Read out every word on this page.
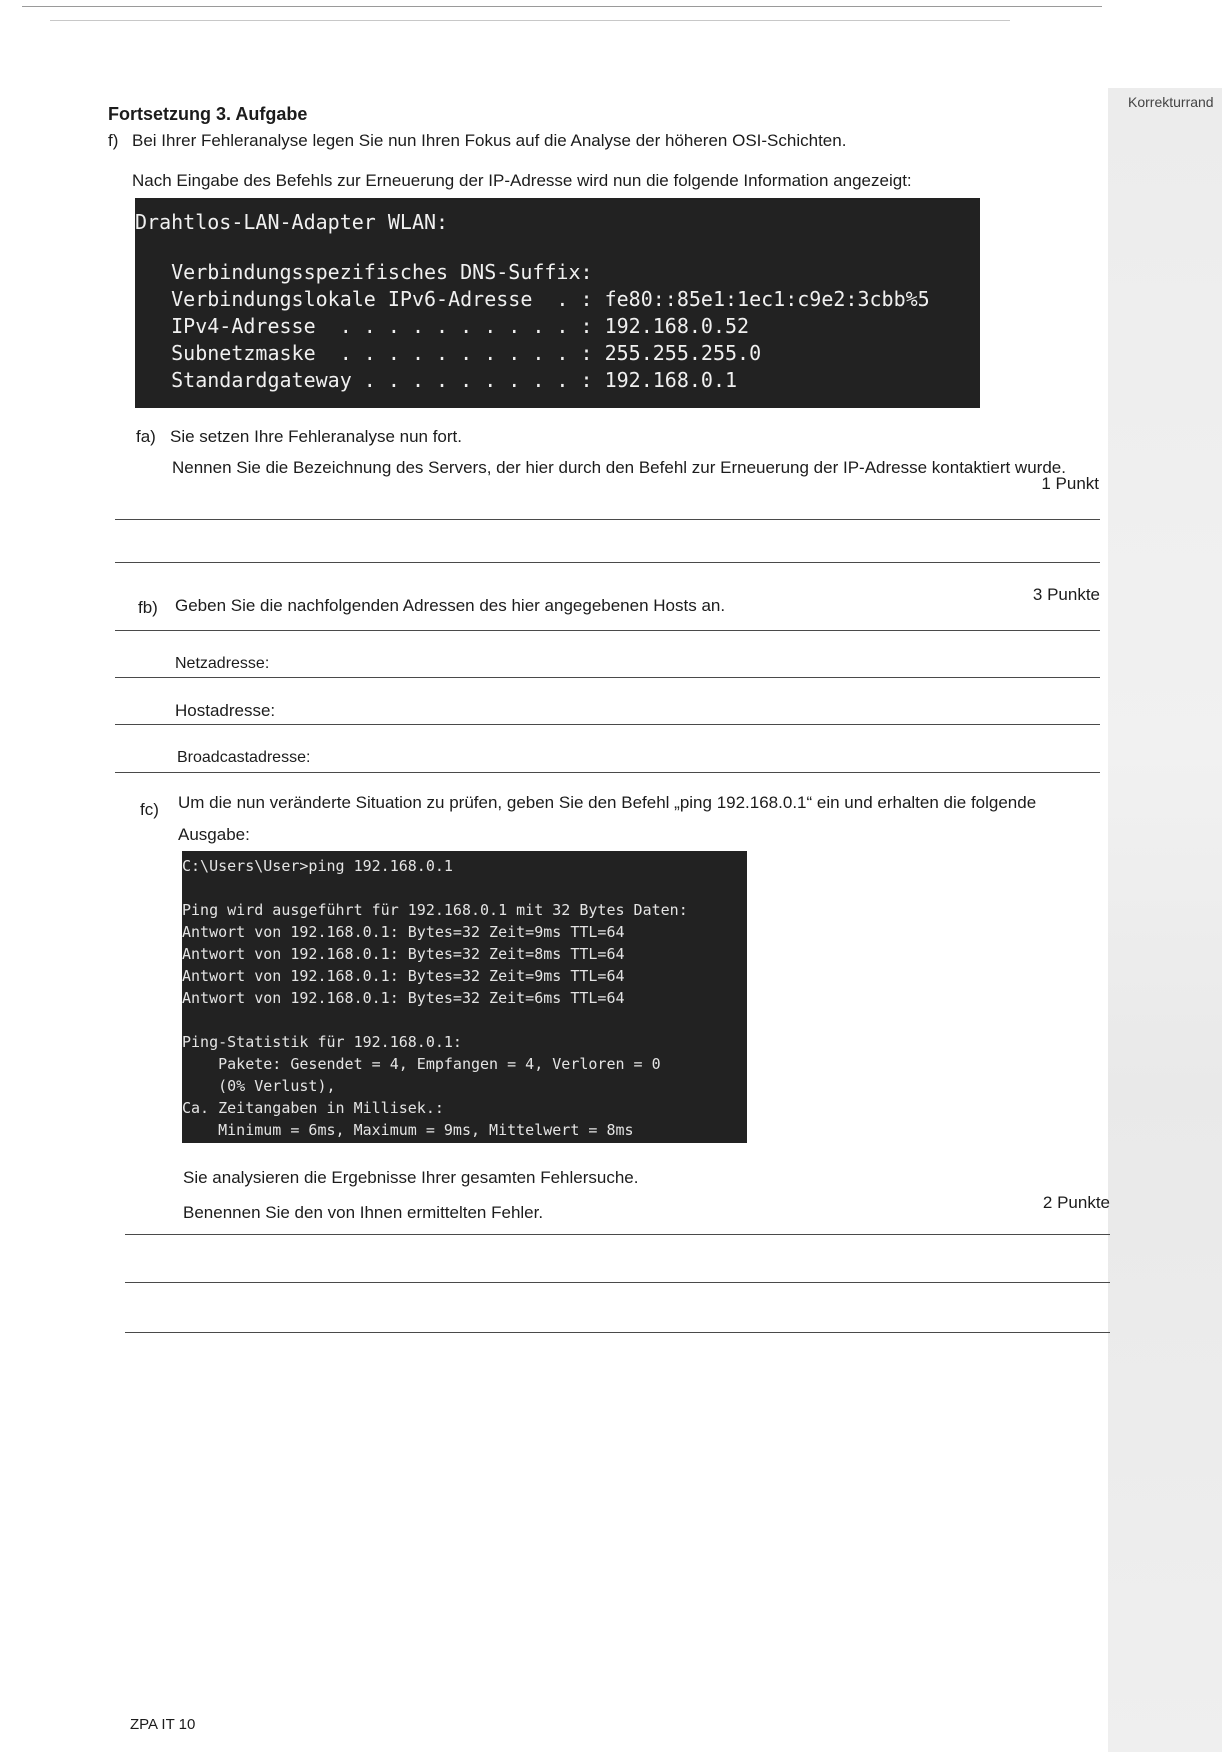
Korrekturrand
Fortsetzung 3. Aufgabe
f) Bei Ihrer Fehleranalyse legen Sie nun Ihren Fokus auf die Analyse der höheren OSI-Schichten.
Nach Eingabe des Befehls zur Erneuerung der IP-Adresse wird nun die folgende Information angezeigt:
Drahtlos-LAN-Adapter WLAN:
Verbindungsspezifisches DNS-Suffix:
Verbindungslokale IPv6-Adresse  . : fe80::85e1:1ec1:c9e2:3cbb%5
IPv4-Adresse  . . . . . . . . . . : 192.168.0.52
Subnetzmaske  . . . . . . . . . . : 255.255.255.0
Standardgateway . . . . . . . . . : 192.168.0.1
fa) Sie setzen Ihre Fehleranalyse nun fort.
Nennen Sie die Bezeichnung des Servers, der hier durch den Befehl zur Erneuerung der IP-Adresse kontaktiert wurde.
1 Punkt
fb) Geben Sie die nachfolgenden Adressen des hier angegebenen Hosts an.
3 Punkte
Netzadresse:
Hostadresse:
Broadcastadresse:
fc) Um die nun veränderte Situation zu prüfen, geben Sie den Befehl „ping 192.168.0.1“ ein und erhalten die folgende
Ausgabe:
C:\Users\User>ping 192.168.0.1
Ping wird ausgeführt für 192.168.0.1 mit 32 Bytes Daten:
Antwort von 192.168.0.1: Bytes=32 Zeit=9ms TTL=64
Antwort von 192.168.0.1: Bytes=32 Zeit=8ms TTL=64
Antwort von 192.168.0.1: Bytes=32 Zeit=9ms TTL=64
Antwort von 192.168.0.1: Bytes=32 Zeit=6ms TTL=64
Ping-Statistik für 192.168.0.1:
Pakete: Gesendet = 4, Empfangen = 4, Verloren = 0
(0% Verlust),
Ca. Zeitangaben in Millisek.:
Minimum = 6ms, Maximum = 9ms, Mittelwert = 8ms
Sie analysieren die Ergebnisse Ihrer gesamten Fehlersuche.
Benennen Sie den von Ihnen ermittelten Fehler.
2 Punkte
ZPA IT 10
